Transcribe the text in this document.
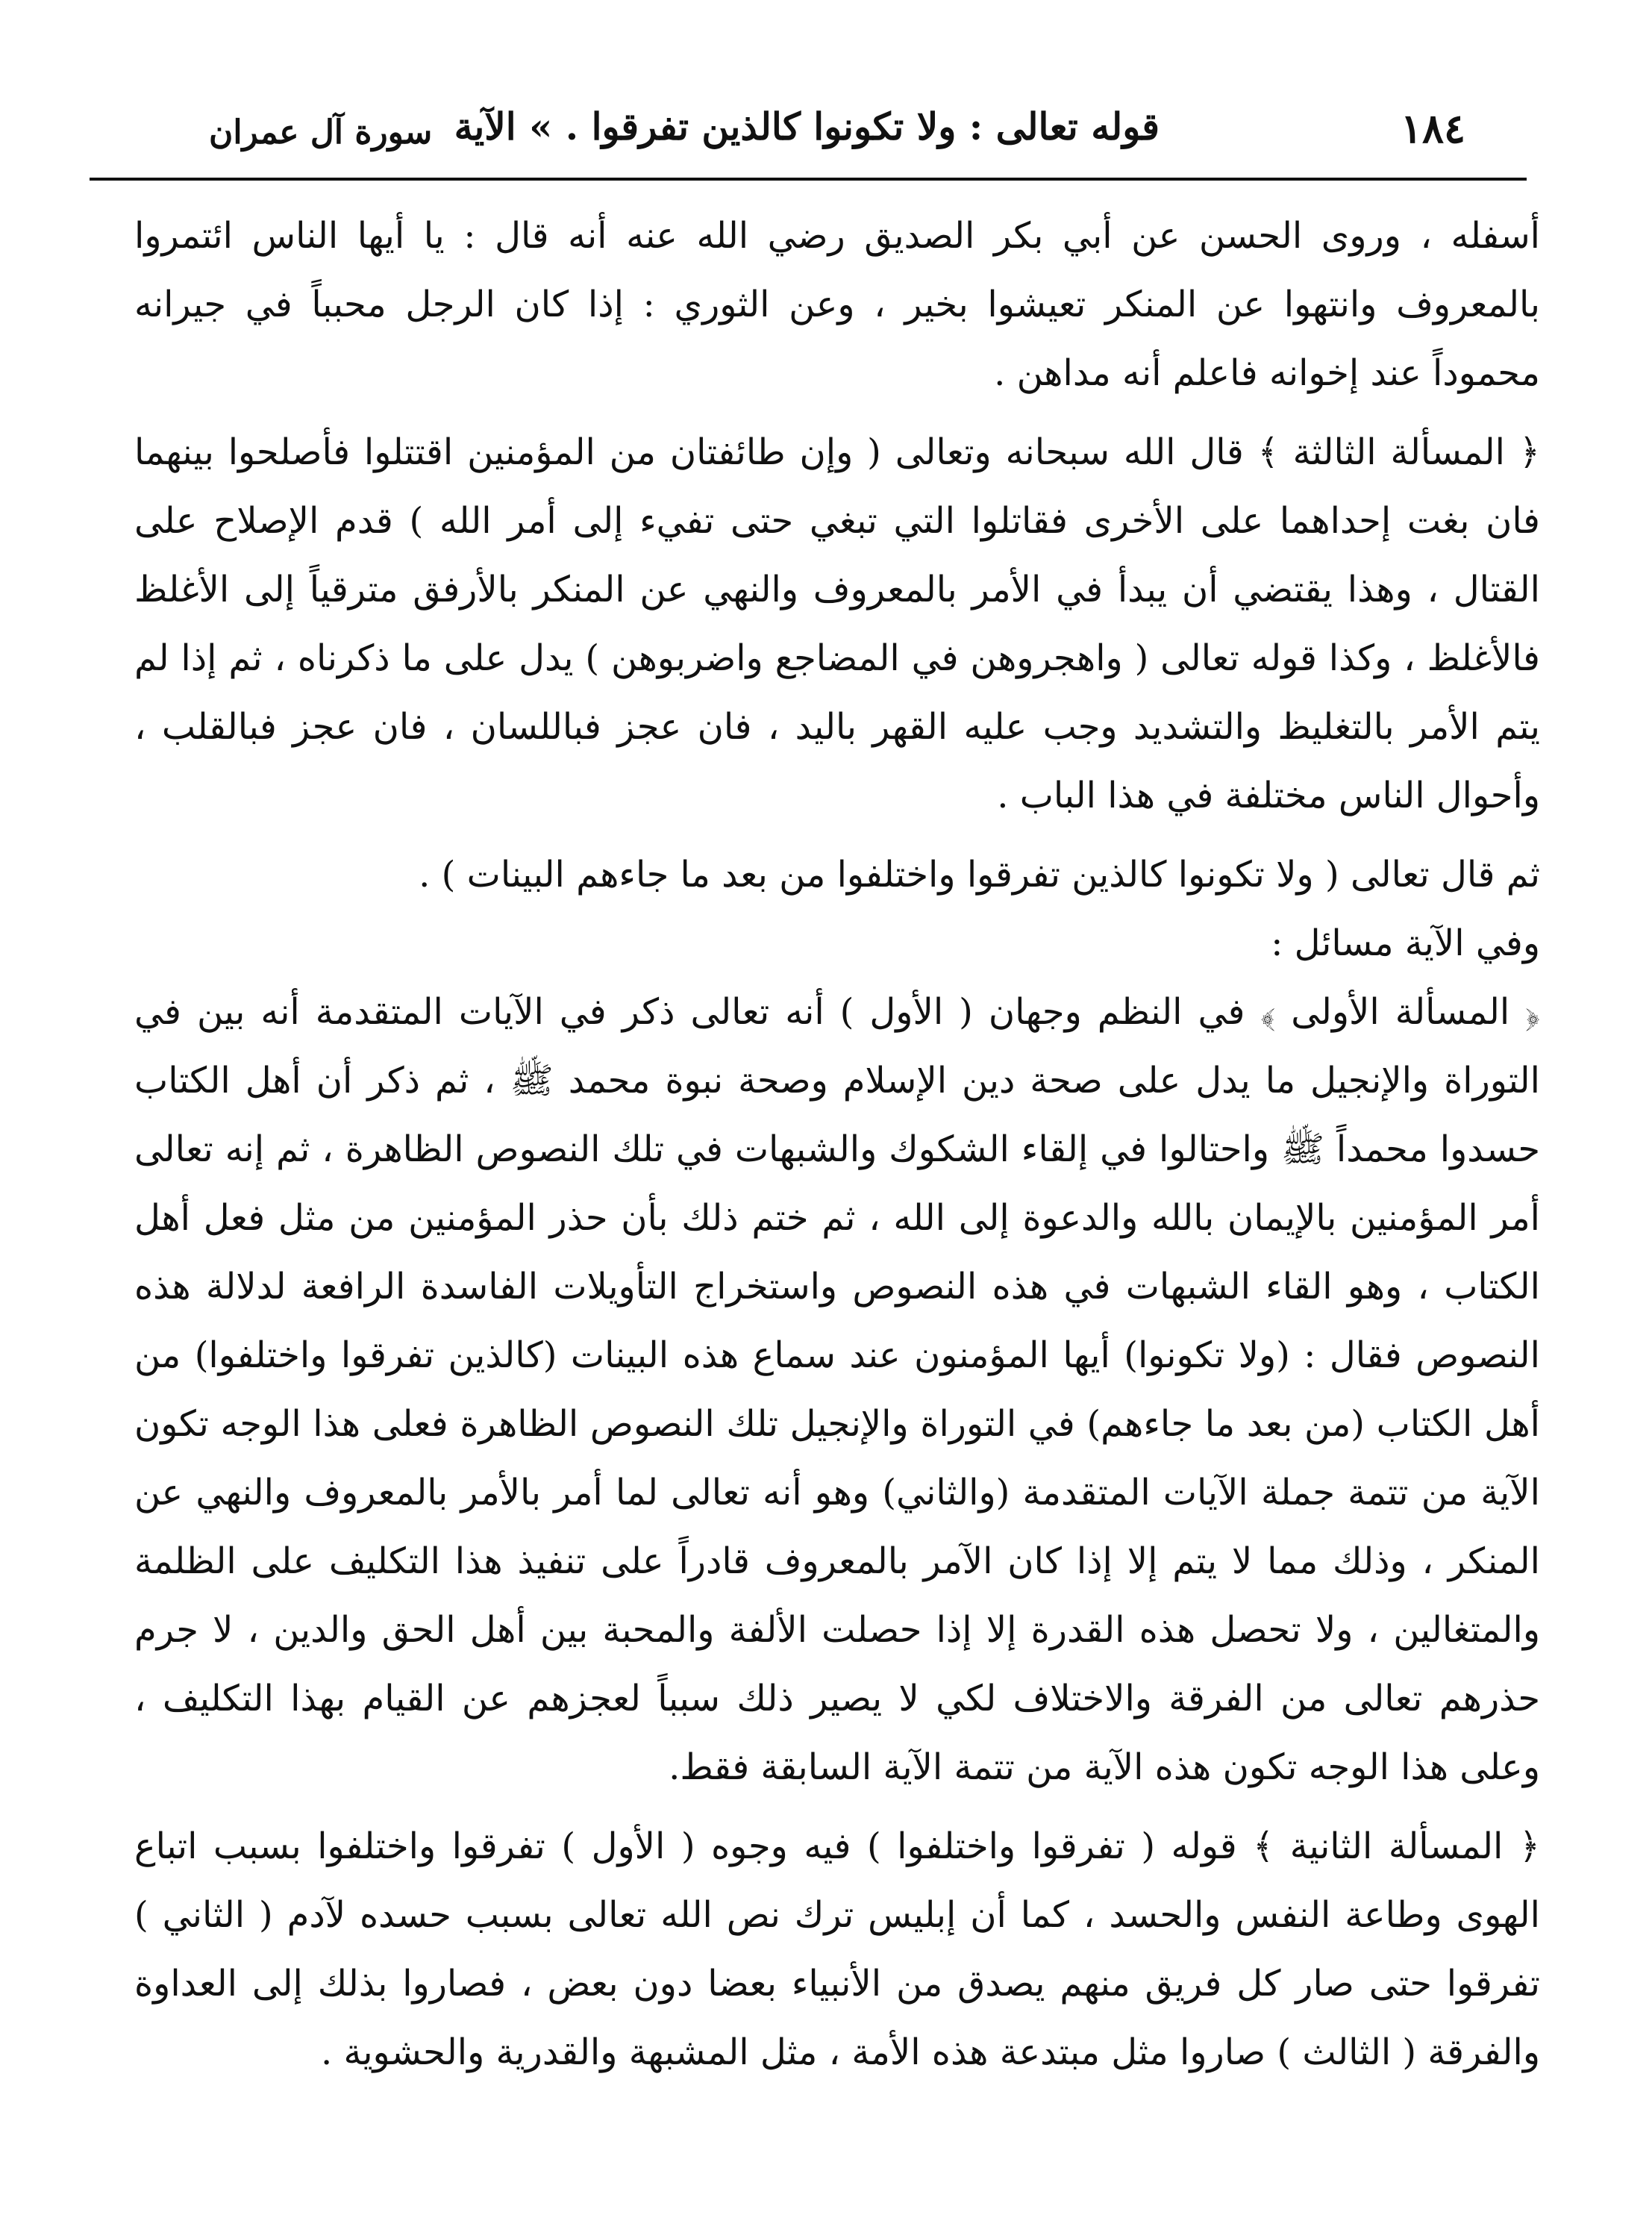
١٨٤
قوله تعالى : ولا تكونوا كالذين تفرقوا . » الآية
سورة آل عمران

أسفله ، وروى الحسن عن أبي بكر الصديق رضي الله عنه أنه قال : يا أيها الناس ائتمروا بالمعروف وانتهوا عن المنكر تعيشوا بخير ، وعن الثوري : إذا كان الرجل محبباً في جيرانه محموداً عند إخوانه فاعلم أنه مداهن .

﴿ المسألة الثالثة ﴾ قال الله سبحانه وتعالى ( وإن طائفتان من المؤمنين اقتتلوا فأصلحوا بينهما فان بغت إحداهما على الأخرى فقاتلوا التي تبغي حتى تفيء إلى أمر الله ) قدم الإصلاح على القتال ، وهذا يقتضي أن يبدأ في الأمر بالمعروف والنهي عن المنكر بالأرفق مترقياً إلى الأغلظ فالأغلظ ، وكذا قوله تعالى ( واهجروهن في المضاجع واضربوهن ) يدل على ما ذكرناه ، ثم إذا لم يتم الأمر بالتغليظ والتشديد وجب عليه القهر باليد ، فان عجز فباللسان ، فان عجز فبالقلب ، وأحوال الناس مختلفة في هذا الباب .

ثم قال تعالى ( ولا تكونوا كالذين تفرقوا واختلفوا من بعد ما جاءهم البينات ) .

وفي الآية مسائل :

﴿ المسألة الأولى ﴾ في النظم وجهان ( الأول ) أنه تعالى ذكر في الآيات المتقدمة أنه بين في التوراة والإنجيل ما يدل على صحة دين الإسلام وصحة نبوة محمد ﷺ ، ثم ذكر أن أهل الكتاب حسدوا محمداً ﷺ واحتالوا في إلقاء الشكوك والشبهات في تلك النصوص الظاهرة ، ثم إنه تعالى أمر المؤمنين بالإيمان بالله والدعوة إلى الله ، ثم ختم ذلك بأن حذر المؤمنين من مثل فعل أهل الكتاب ، وهو القاء الشبهات في هذه النصوص واستخراج التأويلات الفاسدة الرافعة لدلالة هذه النصوص فقال : (ولا تكونوا) أيها المؤمنون عند سماع هذه البينات (كالذين تفرقوا واختلفوا) من أهل الكتاب (من بعد ما جاءهم) في التوراة والإنجيل تلك النصوص الظاهرة فعلى هذا الوجه تكون الآية من تتمة جملة الآيات المتقدمة (والثاني) وهو أنه تعالى لما أمر بالأمر بالمعروف والنهي عن المنكر ، وذلك مما لا يتم إلا إذا كان الآمر بالمعروف قادراً على تنفيذ هذا التكليف على الظلمة والمتغالين ، ولا تحصل هذه القدرة إلا إذا حصلت الألفة والمحبة بين أهل الحق والدين ، لا جرم حذرهم تعالى من الفرقة والاختلاف لكي لا يصير ذلك سبباً لعجزهم عن القيام بهذا التكليف ، وعلى هذا الوجه تكون هذه الآية من تتمة الآية السابقة فقط.

﴿ المسألة الثانية ﴾ قوله ( تفرقوا واختلفوا ) فيه وجوه ( الأول ) تفرقوا واختلفوا بسبب اتباع الهوى وطاعة النفس والحسد ، كما أن إبليس ترك نص الله تعالى بسبب حسده لآدم ( الثاني ) تفرقوا حتى صار كل فريق منهم يصدق من الأنبياء بعضا دون بعض ، فصاروا بذلك إلى العداوة والفرقة ( الثالث ) صاروا مثل مبتدعة هذه الأمة ، مثل المشبهة والقدرية والحشوية .
